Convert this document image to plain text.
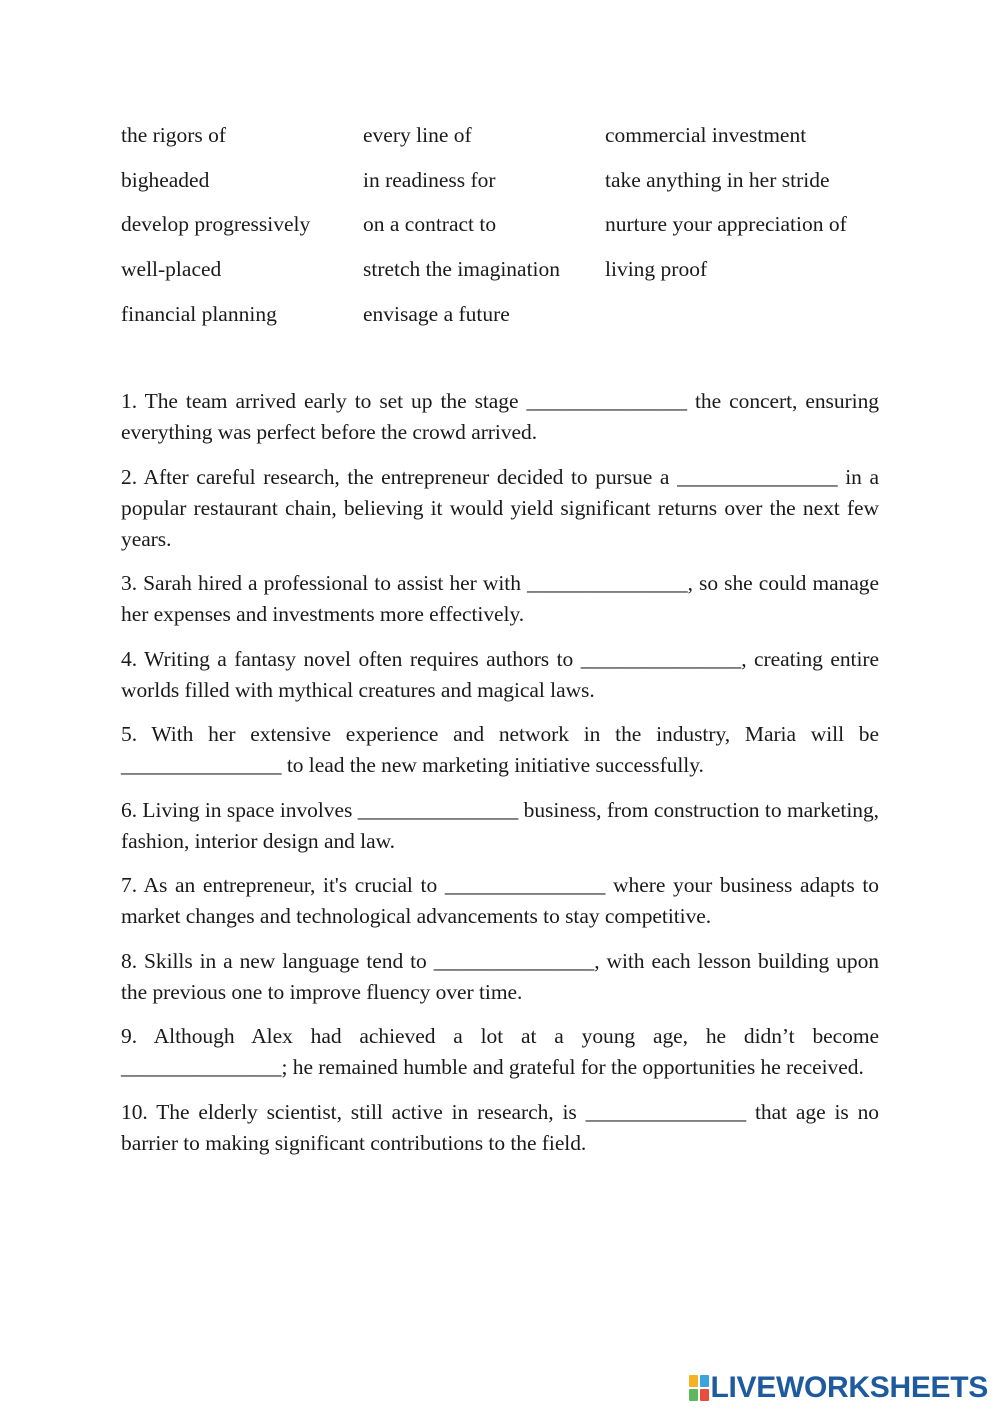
the rigors of	every line of	commercial investment
bigheaded	in readiness for	take anything in her stride
develop progressively	on a contract to	nurture your appreciation of
well-placed	stretch the imagination	living proof
financial planning	envisage a future

1. The team arrived early to set up the stage _______________ the concert, ensuring everything was perfect before the crowd arrived.

2. After careful research, the entrepreneur decided to pursue a _______________ in a popular restaurant chain, believing it would yield significant returns over the next few years.

3. Sarah hired a professional to assist her with _______________, so she could manage her expenses and investments more effectively.

4. Writing a fantasy novel often requires authors to _______________, creating entire worlds filled with mythical creatures and magical laws.

5. With her extensive experience and network in the industry, Maria will be _______________ to lead the new marketing initiative successfully.

6. Living in space involves _______________ business, from construction to marketing, fashion, interior design and law.

7. As an entrepreneur, it's crucial to _______________ where your business adapts to market changes and technological advancements to stay competitive.

8. Skills in a new language tend to _______________, with each lesson building upon the previous one to improve fluency over time.

9. Although Alex had achieved a lot at a young age, he didn’t become _______________; he remained humble and grateful for the opportunities he received.

10. The elderly scientist, still active in research, is _______________ that age is no barrier to making significant contributions to the field.

LIVEWORKSHEETS
